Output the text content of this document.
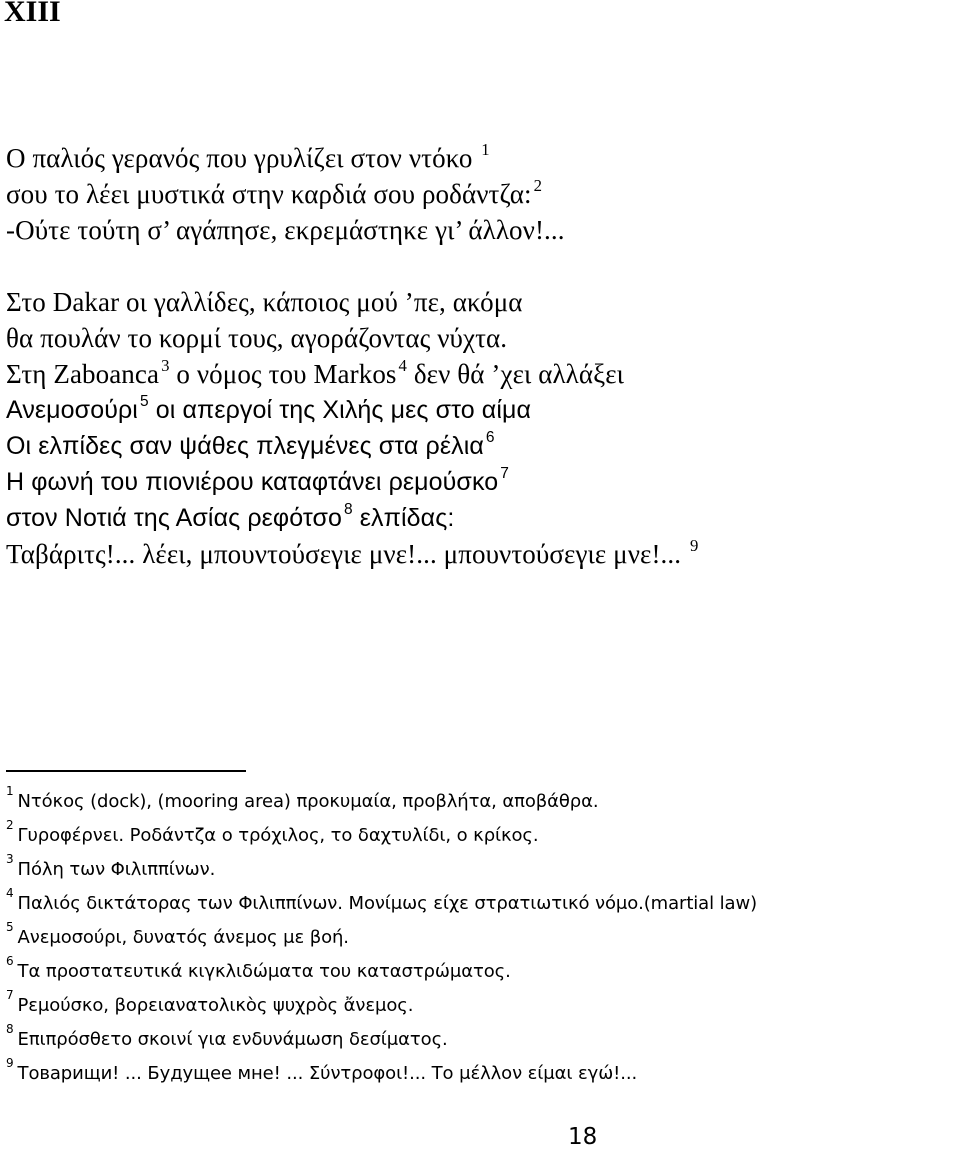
XIII
Ο παλιός γερανός που γρυλίζει στον ντόκο $^1$
σου το λέει μυστικά στην καρδιά σου ροδάντζα: $^2$
-Ούτε τούτη σ’ αγάπησε, εκρεμάστηκε γι’ άλλον!...
Στο Dakar οι γαλλίδες, κάποιος μού ’πε, ακόμα
θα πουλάν το κορμί τους, αγοράζοντας νύχτα.
Στη Zaboanca $^3$ ο νόμος του Markos $^4$ δεν θά ’χει αλλάξει
Ανεμοσούρι $^5$ οι απεργοί της Χιλής μες στο αίμα
Οι ελπίδες σαν ψάθες πλεγμένες στα ρέλια $^6$
Η φωνή του πιονιέρου καταφτάνει ρεμούσκο $^7$
στον Νοτιά της Ασίας ρεφότσο $^8$ ελπίδας:
Ταβάριτς!... λέει, μπουντούσεγιε μνε!... μπουντούσεγιε μνε!... $^9$
$^1$ Ντόκος (dock), (mooring area) προκυμαία, προβλήτα, αποβάθρα.
$^2$ Γυροφέρνει. Ροδάντζα ο τρόχιλος, το δαχτυλίδι, ο κρίκος.
$^3$ Πόλη των Φιλιππίνων.
$^4$ Παλιός δικτάτορας των Φιλιππίνων. Μονίμως είχε στρατιωτικό νόμο.(martial law)
$^5$ Ανεμοσούρι, δυνατός άνεμος με βοή.
$^6$ Τα προστατευτικά κιγκλιδώματα του καταστρώματος.
$^7$ Ρεμούσκο, βορειανατολικὸς ψυχρὸς ἄνεμος.
$^8$ Επιπρόσθετο σκοινί για ενδυνάμωση δεσίματος.
$^9$ Товарищи! ... Будущее мне! ... Σύντροφοι!... Το μέλλον είμαι εγώ!...
18
